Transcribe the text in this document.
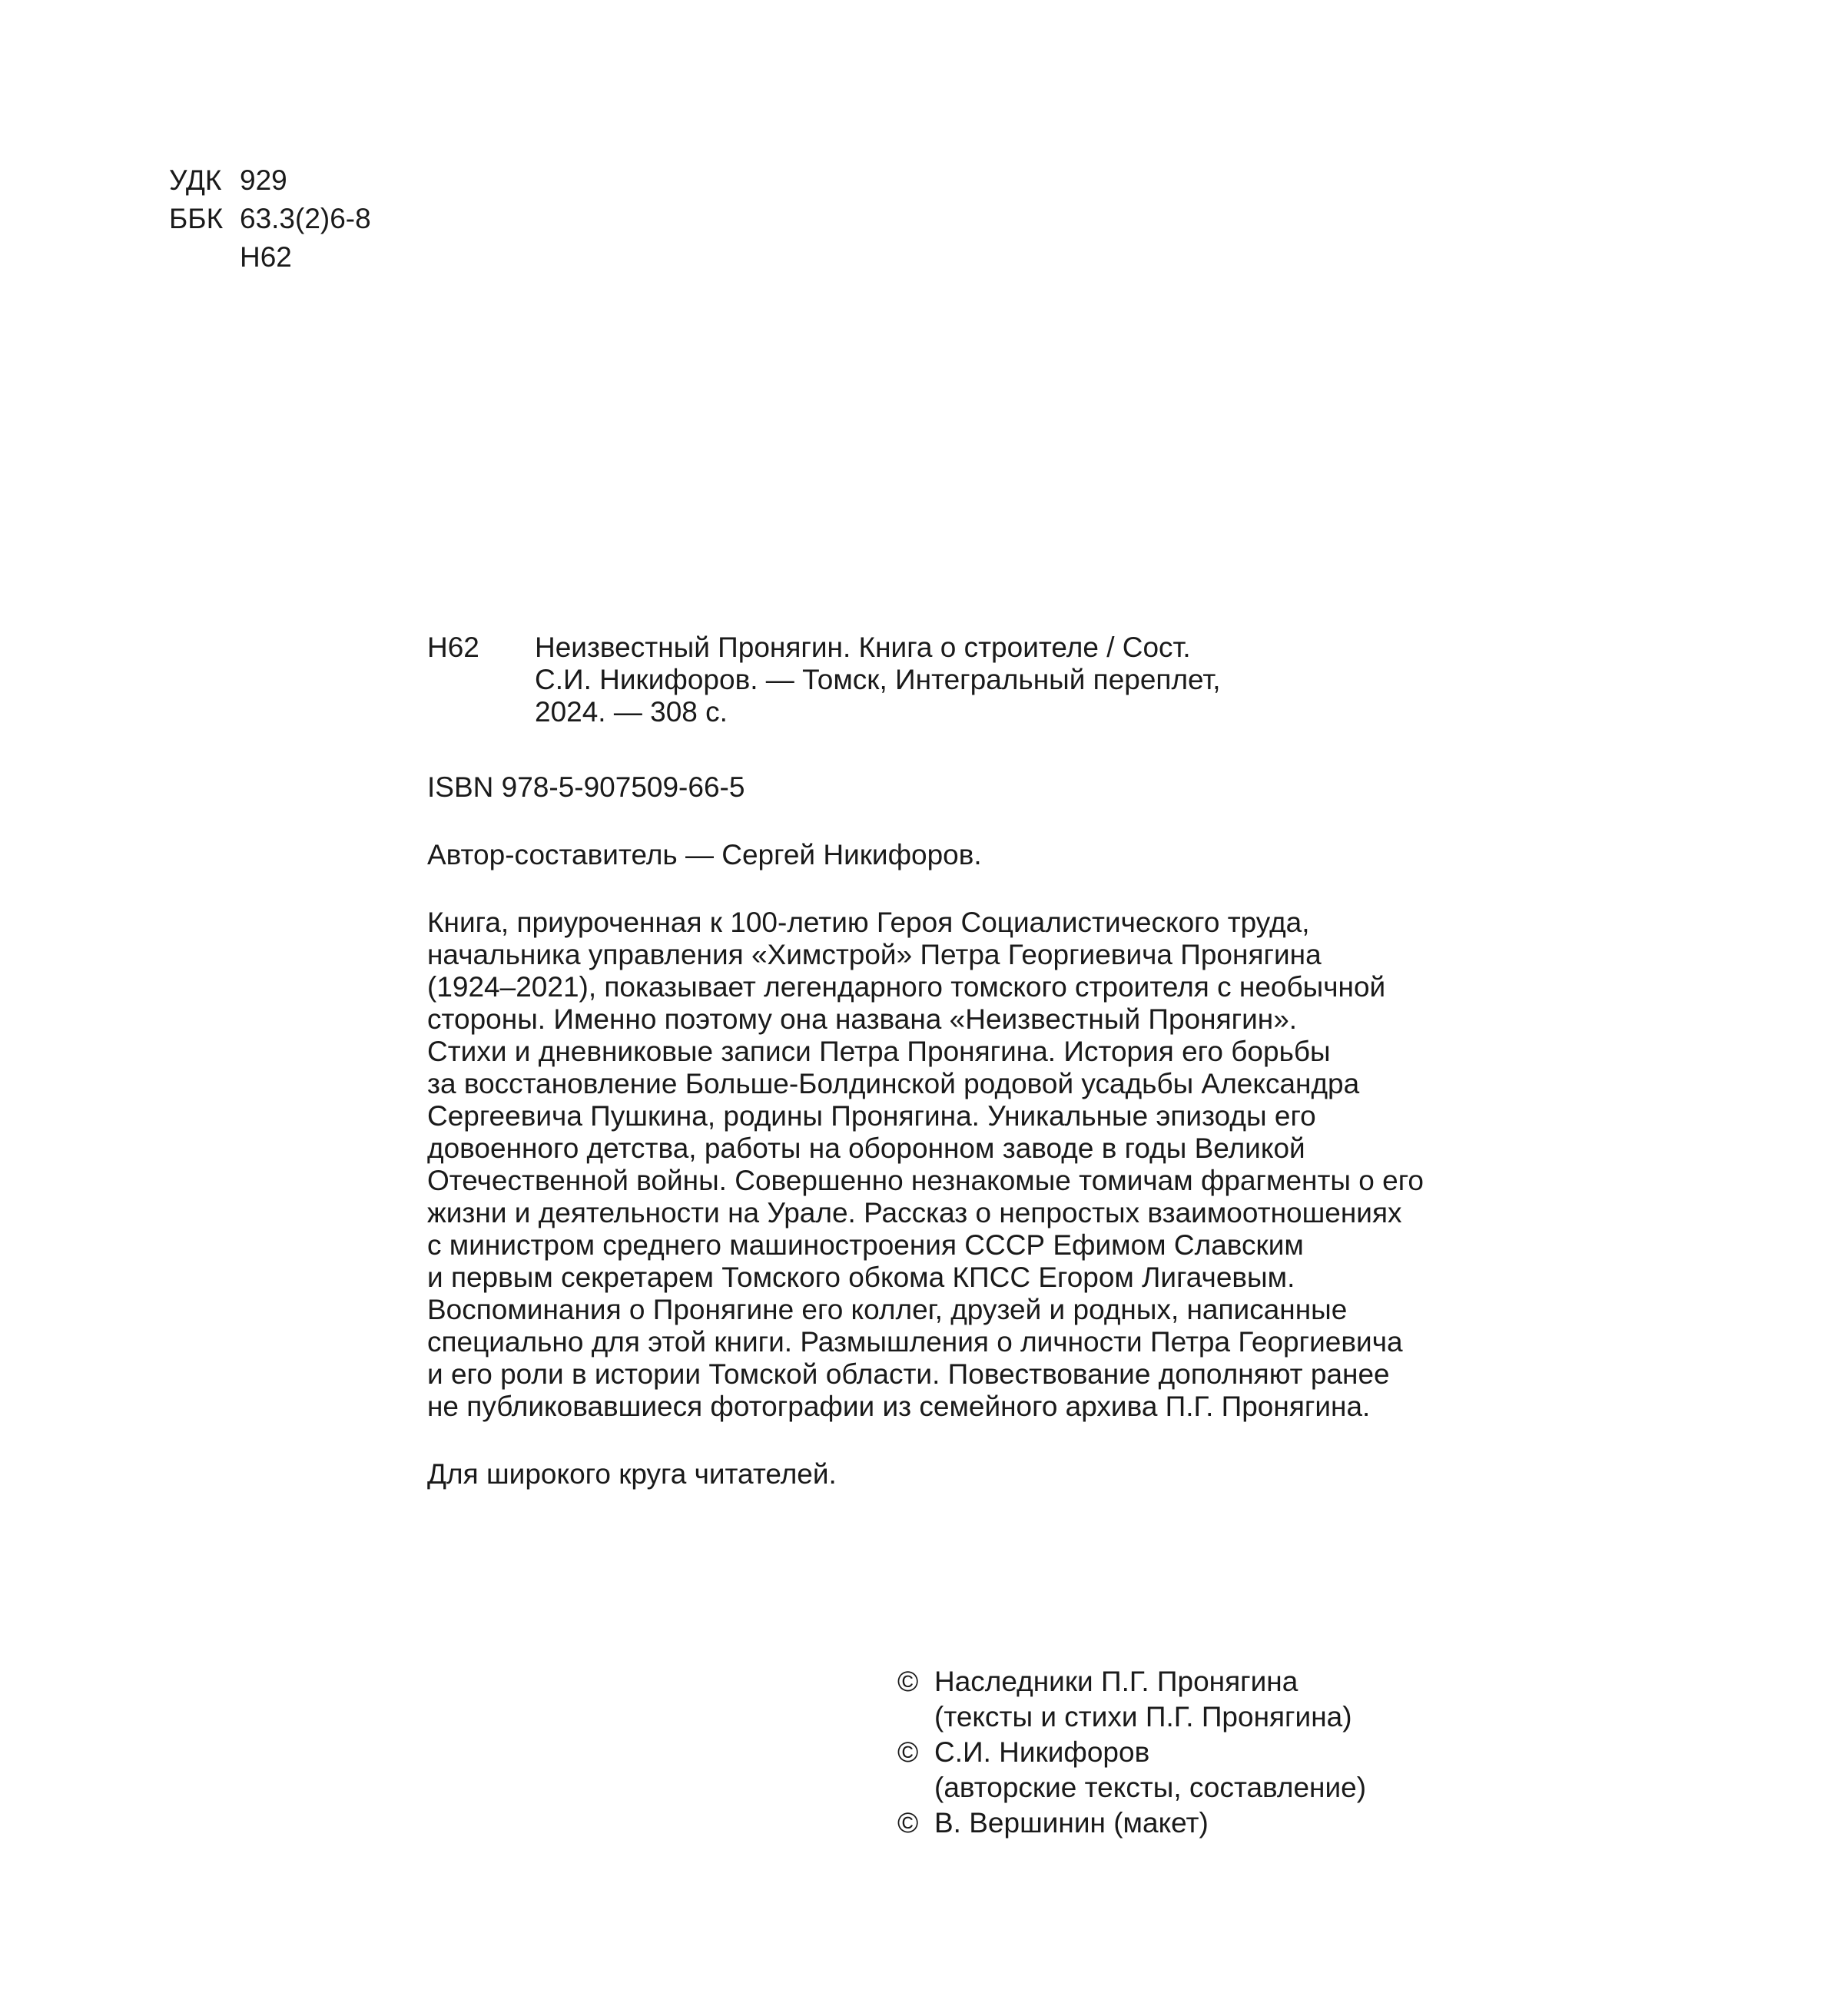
УДК 929
ББК 63.3(2)6-8
Н62
Н62 Неизвестный Пронягин. Книга о строителе / Сост.
С.И. Никифоров. — Томск, Интегральный переплет,
2024. — 308 с.
ISBN 978-5-907509-66-5
Автор-составитель — Сергей Никифоров.
Книга, приуроченная к 100-летию Героя Социалистического труда,
начальника управления «Химстрой» Петра Георгиевича Пронягина
(1924–2021), показывает легендарного томского строителя с необычной
стороны. Именно поэтому она названа «Неизвестный Пронягин».
Стихи и дневниковые записи Петра Пронягина. История его борьбы
за восстановление Больше-Болдинской родовой усадьбы Александра
Сергеевича Пушкина, родины Пронягина. Уникальные эпизоды его
довоенного детства, работы на оборонном заводе в годы Великой
Отечественной войны. Совершенно незнакомые томичам фрагменты о его
жизни и деятельности на Урале. Рассказ о непростых взаимоотношениях
с министром среднего машиностроения СССР Ефимом Славским
и первым секретарем Томского обкома КПСС Егором Лигачевым.
Воспоминания о Пронягине его коллег, друзей и родных, написанные
специально для этой книги. Размышления о личности Петра Георгиевича
и его роли в истории Томской области. Повествование дополняют ранее
не публиковавшиеся фотографии из семейного архива П.Г. Пронягина.
Для широкого круга читателей.
© Наследники П.Г. Пронягина
(тексты и стихи П.Г. Пронягина)
© С.И. Никифоров
(авторские тексты, составление)
© В. Вершинин (макет)
